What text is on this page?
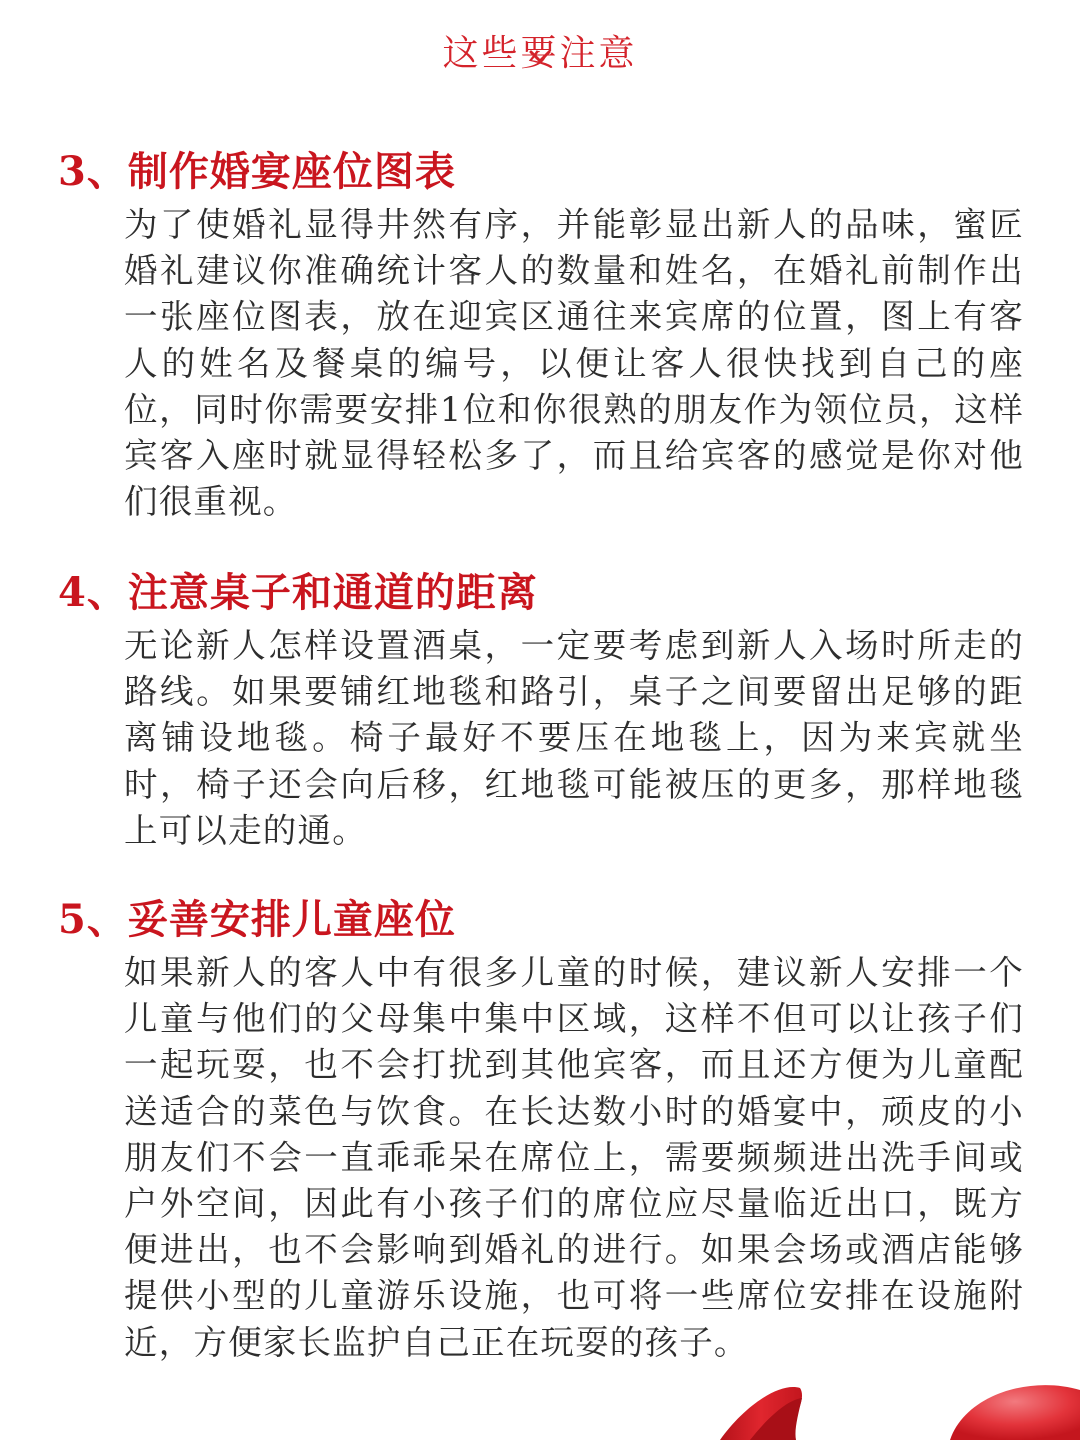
这些要注意
3、制作婚宴座位图表

为了使婚礼显得井然有序，并能彰显出新人的品味，蜜匠婚礼建议你准确统计客人的数量和姓名，在婚礼前制作出一张座位图表，放在迎宾区通往来宾席的位置，图上有客人的姓名及餐桌的编号，以便让客人很快找到自己的座位，同时你需要安排1位和你很熟的朋友作为领位员，这样宾客入座时就显得轻松多了，而且给宾客的感觉是你对他们很重视。

4、注意桌子和通道的距离

无论新人怎样设置酒桌，一定要考虑到新人入场时所走的路线。如果要铺红地毯和路引，桌子之间要留出足够的距离铺设地毯。椅子最好不要压在地毯上，因为来宾就坐时，椅子还会向后移，红地毯可能被压的更多，那样地毯上可以走的通。

5、妥善安排儿童座位

如果新人的客人中有很多儿童的时候，建议新人安排一个儿童与他们的父母集中集中区域，这样不但可以让孩子们一起玩耍，也不会打扰到其他宾客，而且还方便为儿童配送适合的菜色与饮食。在长达数小时的婚宴中，顽皮的小朋友们不会一直乖乖呆在席位上，需要频频进出洗手间或户外空间，因此有小孩子们的席位应尽量临近出口，既方便进出，也不会影响到婚礼的进行。如果会场或酒店能够提供小型的儿童游乐设施，也可将一些席位安排在设施附近，方便家长监护自己正在玩耍的孩子。
